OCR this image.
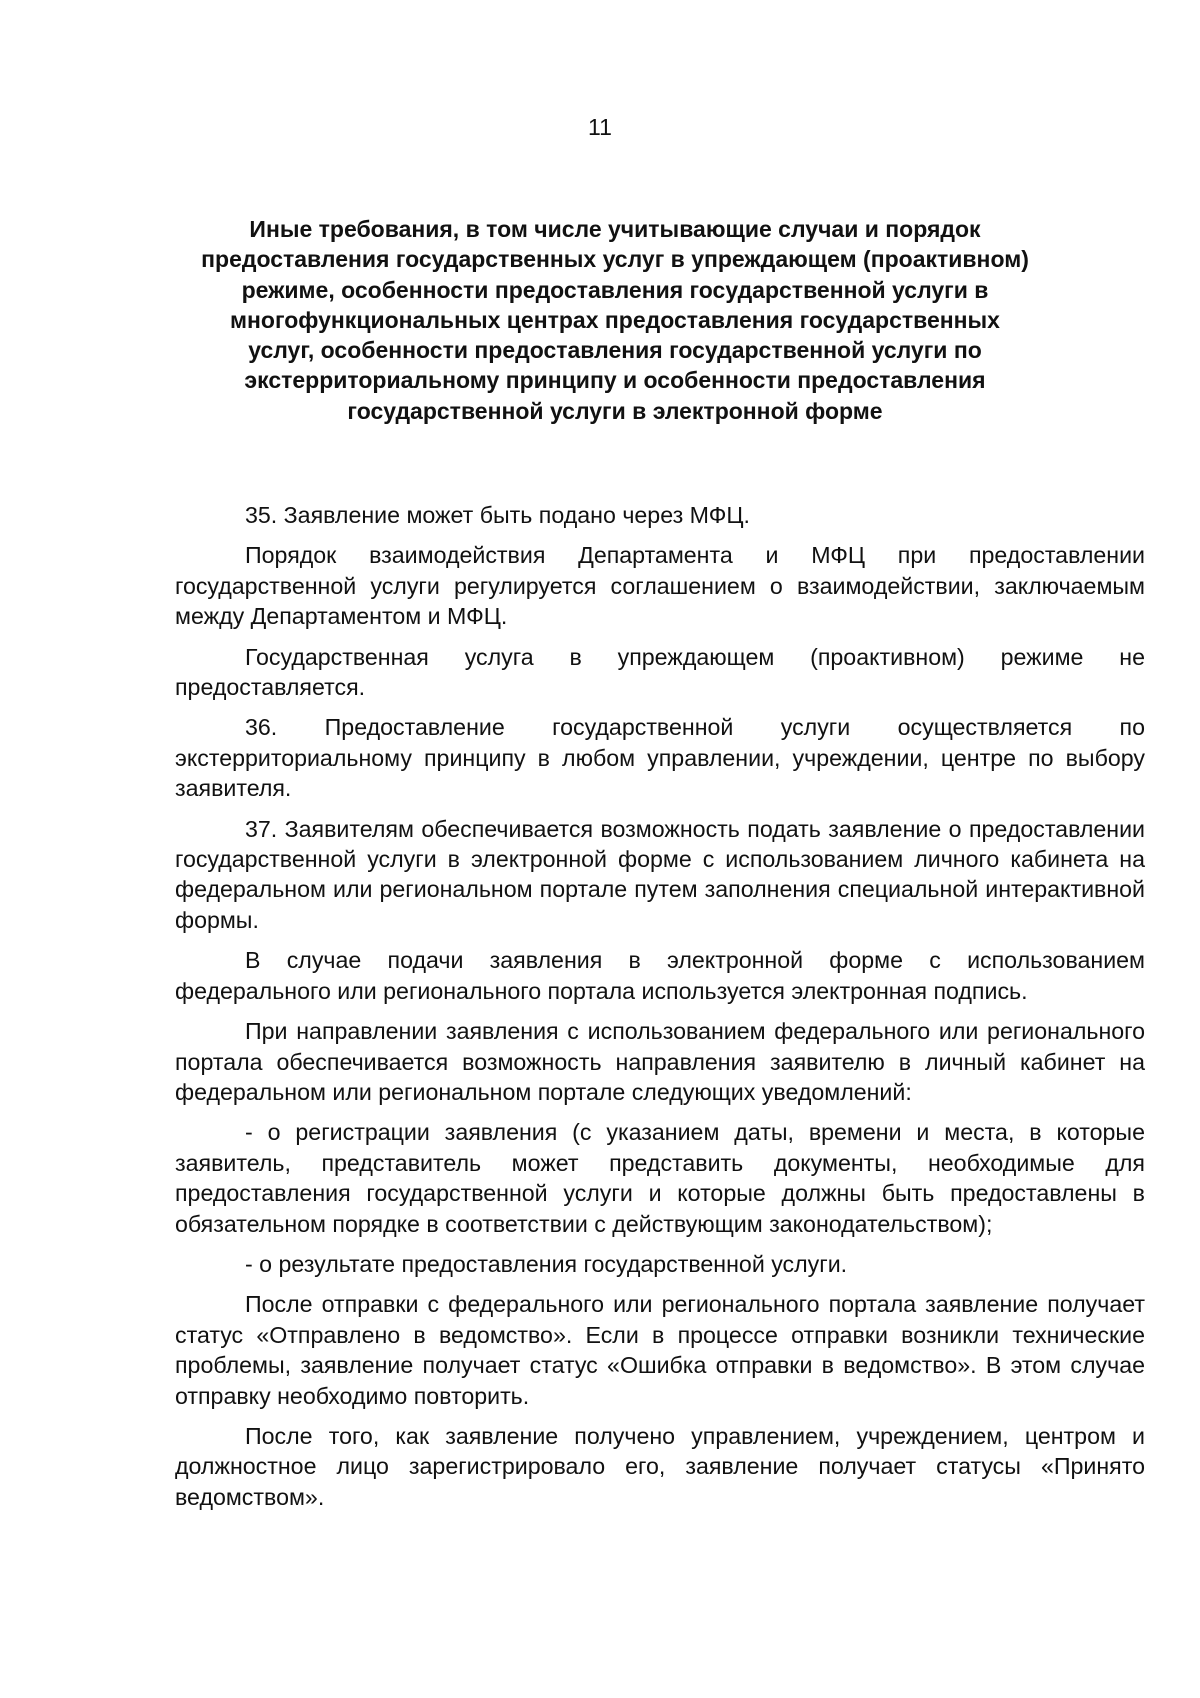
11
Иные требования, в том числе учитывающие случаи и порядок предоставления государственных услуг в упреждающем (проактивном) режиме, особенности предоставления государственной услуги в многофункциональных центрах предоставления государственных услуг, особенности предоставления государственной услуги по экстерриториальному принципу и особенности предоставления государственной услуги в электронной форме

35. Заявление может быть подано через МФЦ.

Порядок взаимодействия Департамента и МФЦ при предоставлении государственной услуги регулируется соглашением о взаимодействии, заключаемым между Департаментом и МФЦ.

Государственная услуга в упреждающем (проактивном) режиме не предоставляется.

36. Предоставление государственной услуги осуществляется по экстерриториальному принципу в любом управлении, учреждении, центре по выбору заявителя.

37. Заявителям обеспечивается возможность подать заявление о предоставлении государственной услуги в электронной форме с использованием личного кабинета на федеральном или региональном портале путем заполнения специальной интерактивной формы.

В случае подачи заявления в электронной форме с использованием федерального или регионального портала используется электронная подпись.

При направлении заявления с использованием федерального или регионального портала обеспечивается возможность направления заявителю в личный кабинет на федеральном или региональном портале следующих уведомлений:

- о регистрации заявления (с указанием даты, времени и места, в которые заявитель, представитель может представить документы, необходимые для предоставления государственной услуги и которые должны быть предоставлены в обязательном порядке в соответствии с действующим законодательством);

- о результате предоставления государственной услуги.

После отправки с федерального или регионального портала заявление получает статус «Отправлено в ведомство». Если в процессе отправки возникли технические проблемы, заявление получает статус «Ошибка отправки в ведомство». В этом случае отправку необходимо повторить.

После того, как заявление получено управлением, учреждением, центром и должностное лицо зарегистрировало его, заявление получает статусы «Принято ведомством».
